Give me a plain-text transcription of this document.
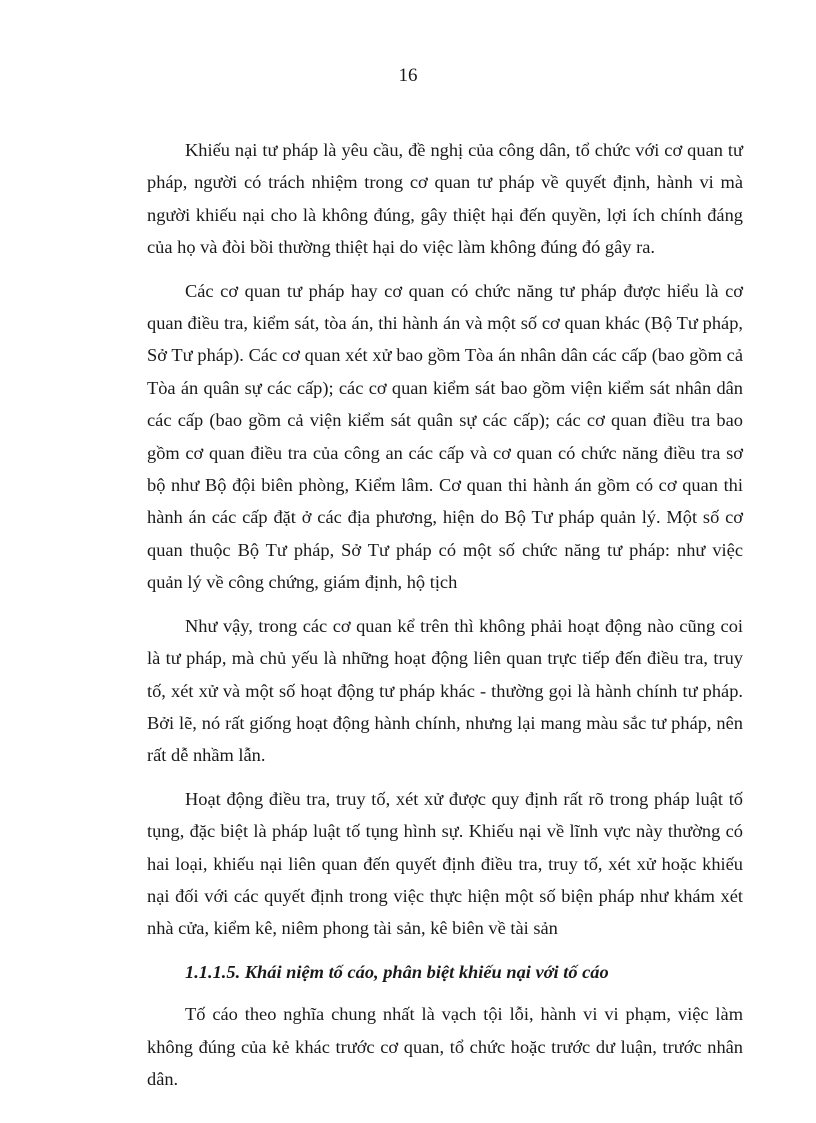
16

Khiếu nại tư pháp là yêu cầu, đề nghị của công dân, tổ chức với cơ quan tư pháp, người có trách nhiệm trong cơ quan tư pháp về quyết định, hành vi mà người khiếu nại cho là không đúng, gây thiệt hại đến quyền, lợi ích chính đáng của họ và đòi bồi thường thiệt hại do việc làm không đúng đó gây ra.

Các cơ quan tư pháp hay cơ quan có chức năng tư pháp được hiểu là cơ quan điều tra, kiểm sát, tòa án, thi hành án và một số cơ quan khác (Bộ Tư pháp, Sở Tư pháp). Các cơ quan xét xử bao gồm Tòa án nhân dân các cấp (bao gồm cả Tòa án quân sự các cấp); các cơ quan kiểm sát bao gồm viện kiểm sát nhân dân các cấp (bao gồm cả viện kiểm sát quân sự các cấp); các cơ quan điều tra bao gồm cơ quan điều tra của công an các cấp và cơ quan có chức năng điều tra sơ bộ như Bộ đội biên phòng, Kiểm lâm. Cơ quan thi hành án gồm có cơ quan thi hành án các cấp đặt ở các địa phương, hiện do Bộ Tư pháp quản lý. Một số cơ quan thuộc Bộ Tư pháp, Sở Tư pháp có một số chức năng tư pháp: như việc quản lý về công chứng, giám định, hộ tịch

Như vậy, trong các cơ quan kể trên thì không phải hoạt động nào cũng coi là tư pháp, mà chủ yếu là những hoạt động liên quan trực tiếp đến điều tra, truy tố, xét xử và một số hoạt động tư pháp khác - thường gọi là hành chính tư pháp. Bởi lẽ, nó rất giống hoạt động hành chính, nhưng lại mang màu sắc tư pháp, nên rất dễ nhầm lẫn.

Hoạt động điều tra, truy tố, xét xử được quy định rất rõ trong pháp luật tố tụng, đặc biệt là pháp luật tố tụng hình sự. Khiếu nại về lĩnh vực này thường có hai loại, khiếu nại liên quan đến quyết định điều tra, truy tố, xét xử hoặc khiếu nại đối với các quyết định trong việc thực hiện một số biện pháp như khám xét nhà cửa, kiểm kê, niêm phong tài sản, kê biên về tài sản

1.1.1.5. Khái niệm tố cáo, phân biệt khiếu nại với tố cáo

Tố cáo theo nghĩa chung nhất là vạch tội lỗi, hành vi vi phạm, việc làm không đúng của kẻ khác trước cơ quan, tổ chức hoặc trước dư luận, trước nhân dân.
